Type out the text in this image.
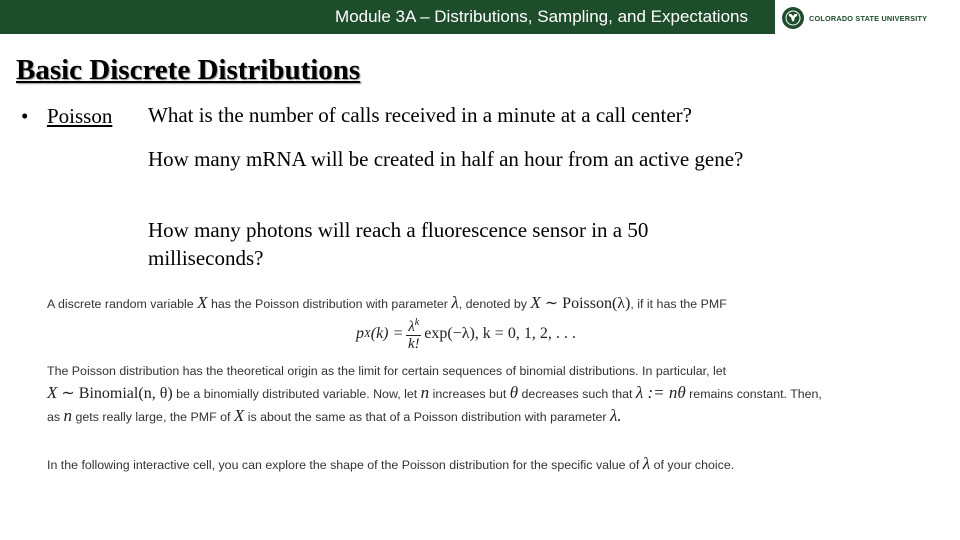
Module 3A – Distributions, Sampling, and Expectations	COLORADO STATE UNIVERSITY
Basic Discrete Distributions
• Poisson What is the number of calls received in a minute at a call center?
How many mRNA will be created in half an hour from an active gene?
How many photons will reach a fluorescence sensor in a 50 milliseconds?
A discrete random variable X has the Poisson distribution with parameter λ, denoted by X ∼ Poisson(λ), if it has the PMF
p X $(k) = \frac{\lambda^k}{k!} \exp(-\lambda)$, k = 0, 1, 2, . . .
The Poisson distribution has the theoretical origin as the limit for certain sequences of binomial distributions. In particular, let
X ∼ Binomial(n, θ) be a binomially distributed variable. Now, let n increases but θ decreases such that λ := nθ remains constant. Then,
as n gets really large, the PMF of X is about the same as that of a Poisson distribution with parameter λ.
In the following interactive cell, you can explore the shape of the Poisson distribution for the specific value of λ of your choice.
